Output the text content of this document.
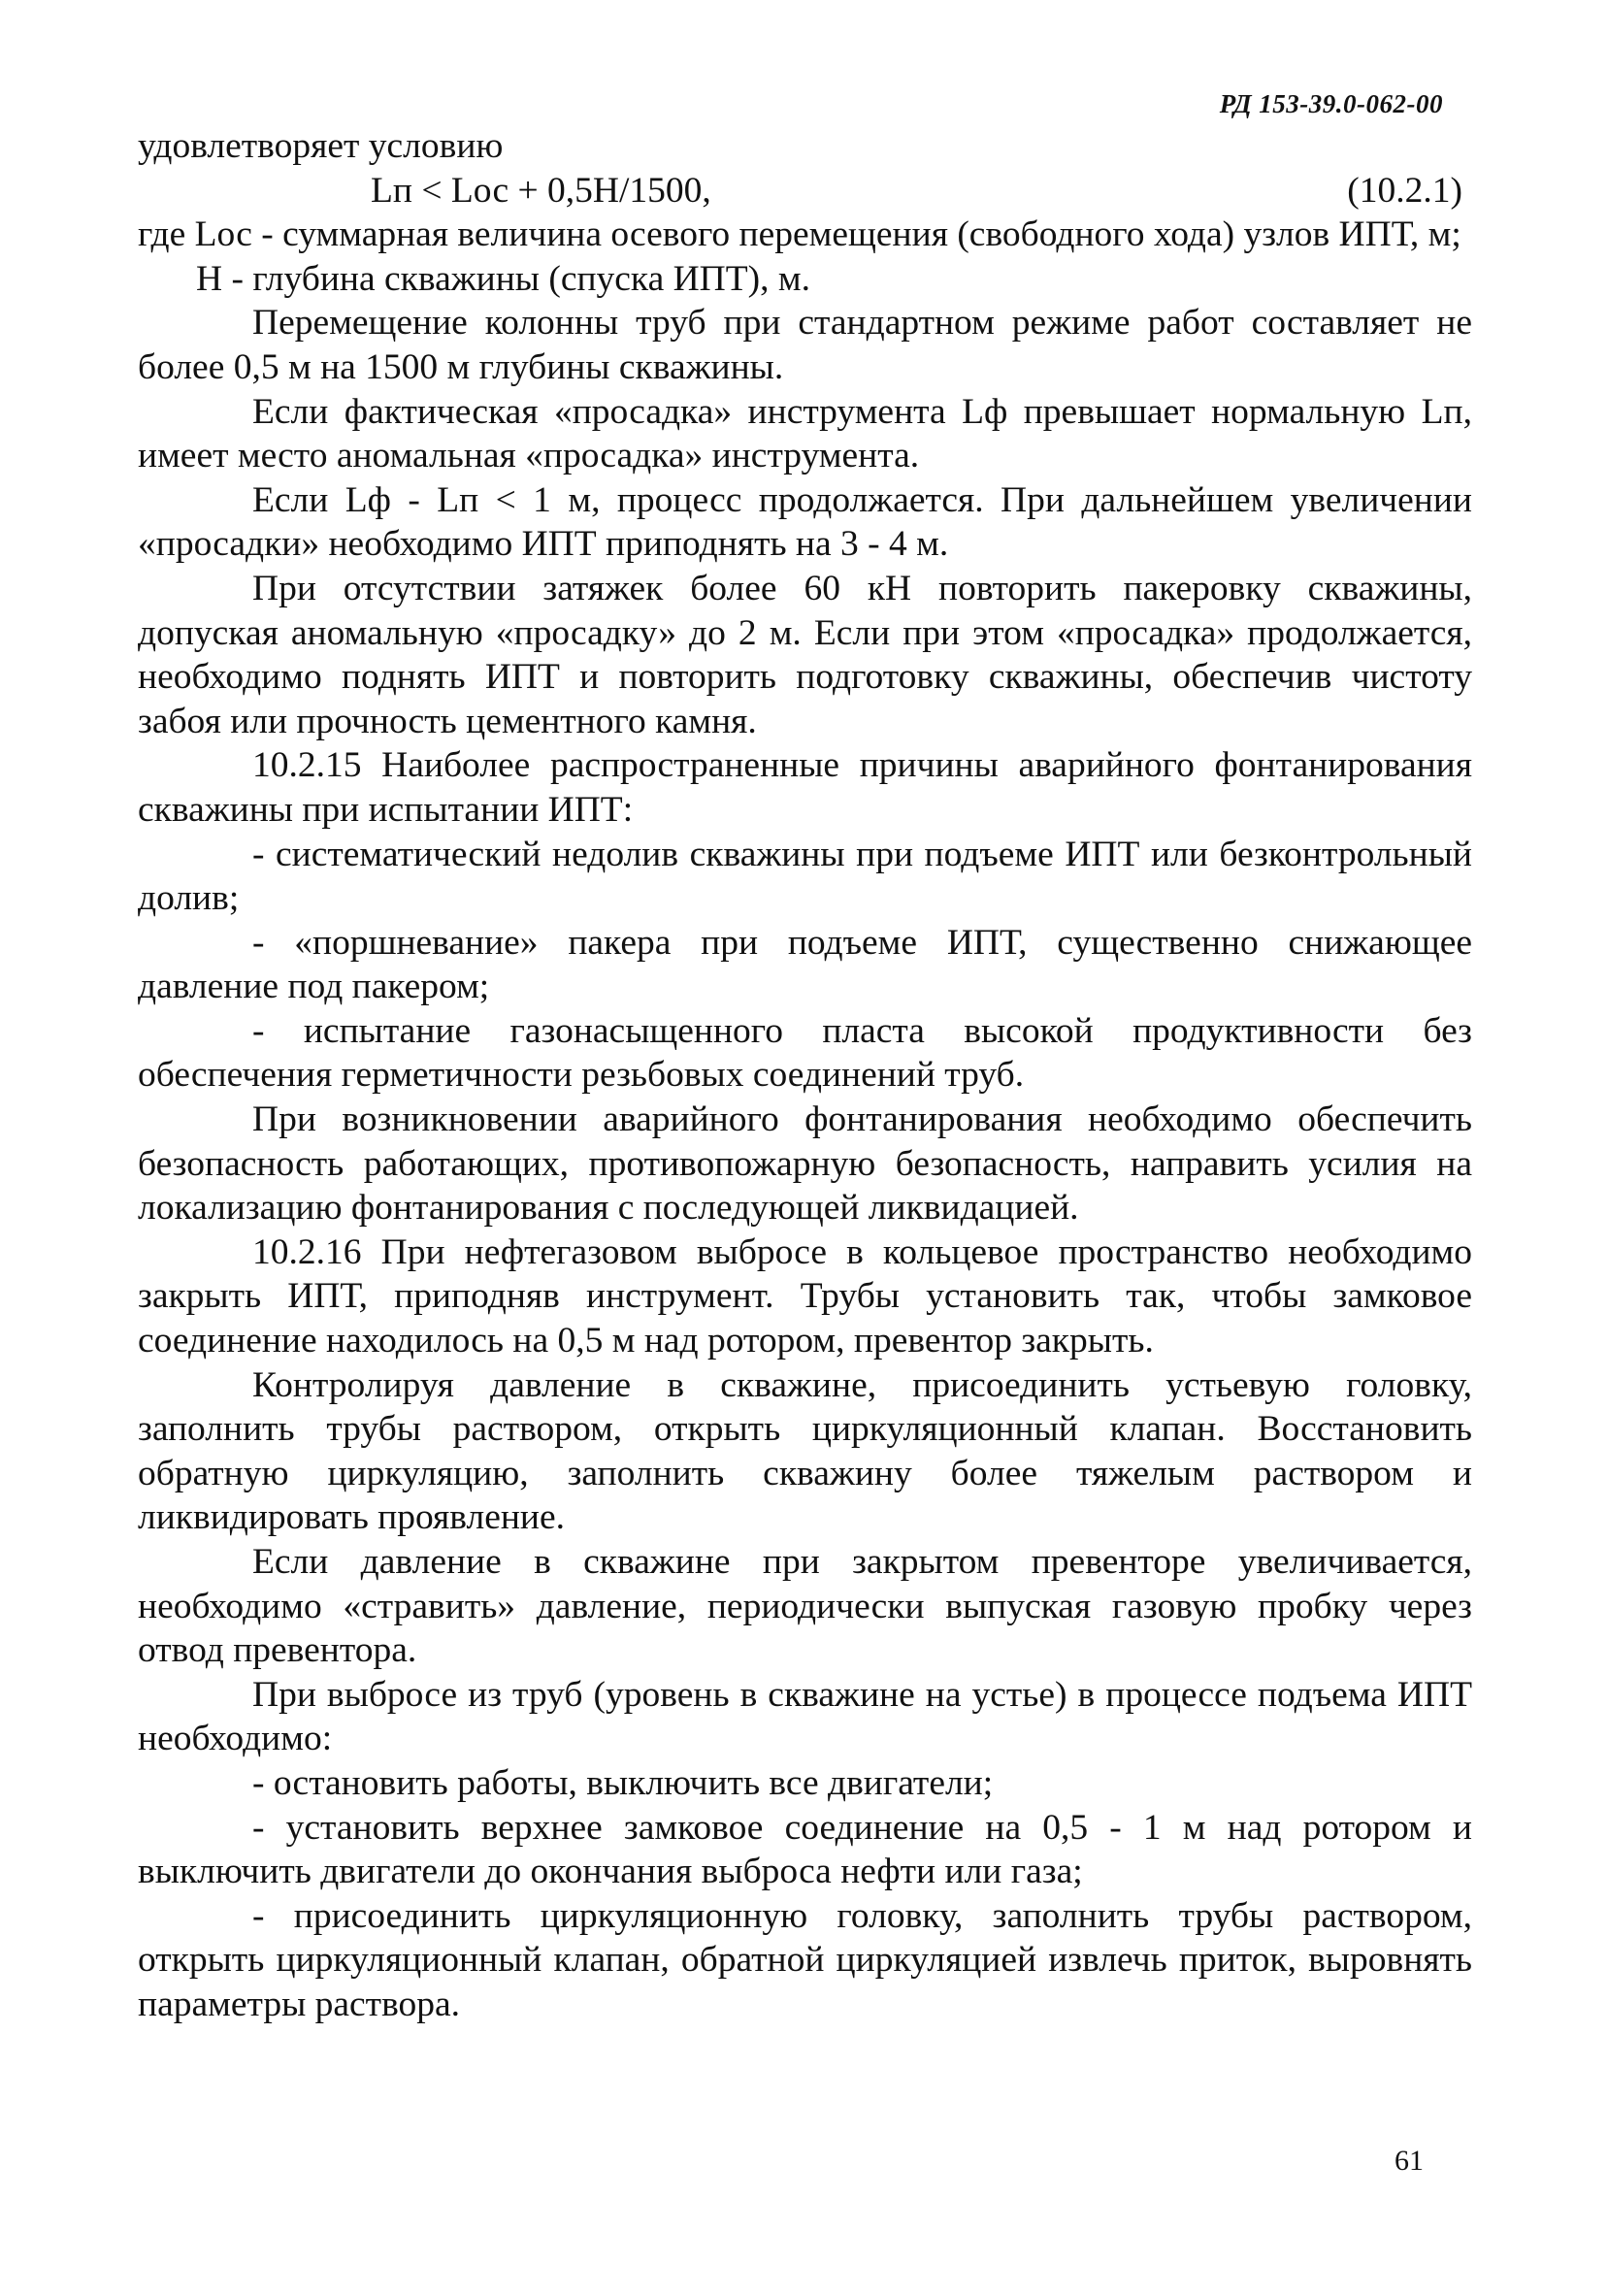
РД 153-39.0-062-00

удовлетворяет условию

Lп < Lос + 0,5H/1500,	(10.2.1)

где Lос - суммарная величина осевого перемещения (свободного хода) узлов ИПТ, м;

H - глубина скважины (спуска ИПТ), м.

Перемещение колонны труб при стандартном режиме работ составляет не более 0,5 м на 1500 м глубины скважины.

Если фактическая «просадка» инструмента Lф превышает нормальную Lп, имеет место аномальная «просадка» инструмента.

Если Lф - Lп < 1 м, процесс продолжается. При дальнейшем увеличении «просадки» необходимо ИПТ приподнять на 3 - 4 м.

При отсутствии затяжек более 60 кН повторить пакеровку скважины, допуская аномальную «просадку» до 2 м. Если при этом «просадка» продолжается, необходимо поднять ИПТ и повторить подготовку скважины, обеспечив чистоту забоя или прочность цементного камня.

10.2.15 Наиболее распространенные причины аварийного фонтанирования скважины при испытании ИПТ:

- систематический недолив скважины при подъеме ИПТ или безконтрольный долив;

- «поршневание» пакера при подъеме ИПТ, существенно снижающее давление под пакером;

- испытание газонасыщенного пласта высокой продуктивности без обеспечения герметичности резьбовых соединений труб.

При возникновении аварийного фонтанирования необходимо обеспечить безопасность работающих, противопожарную безопасность, направить усилия на локализацию фонтанирования с последующей ликвидацией.

10.2.16 При нефтегазовом выбросе в кольцевое пространство необходимо закрыть ИПТ, приподняв инструмент. Трубы установить так, чтобы замковое соединение находилось на 0,5 м над ротором, превентор закрыть.

Контролируя давление в скважине, присоединить устьевую головку, заполнить трубы раствором, открыть циркуляционный клапан. Восстановить обратную циркуляцию, заполнить скважину более тяжелым раствором и ликвидировать проявление.

Если давление в скважине при закрытом превенторе увеличивается, необходимо «стравить» давление, периодически выпуская газовую пробку через отвод превентора.

При выбросе из труб (уровень в скважине на устье) в процессе подъема ИПТ необходимо:

- остановить работы, выключить все двигатели;

- установить верхнее замковое соединение на 0,5 - 1 м над ротором и выключить двигатели до окончания выброса нефти или газа;

- присоединить циркуляционную головку, заполнить трубы раствором, открыть циркуляционный клапан, обратной циркуляцией извлечь приток, выровнять параметры раствора.

61
